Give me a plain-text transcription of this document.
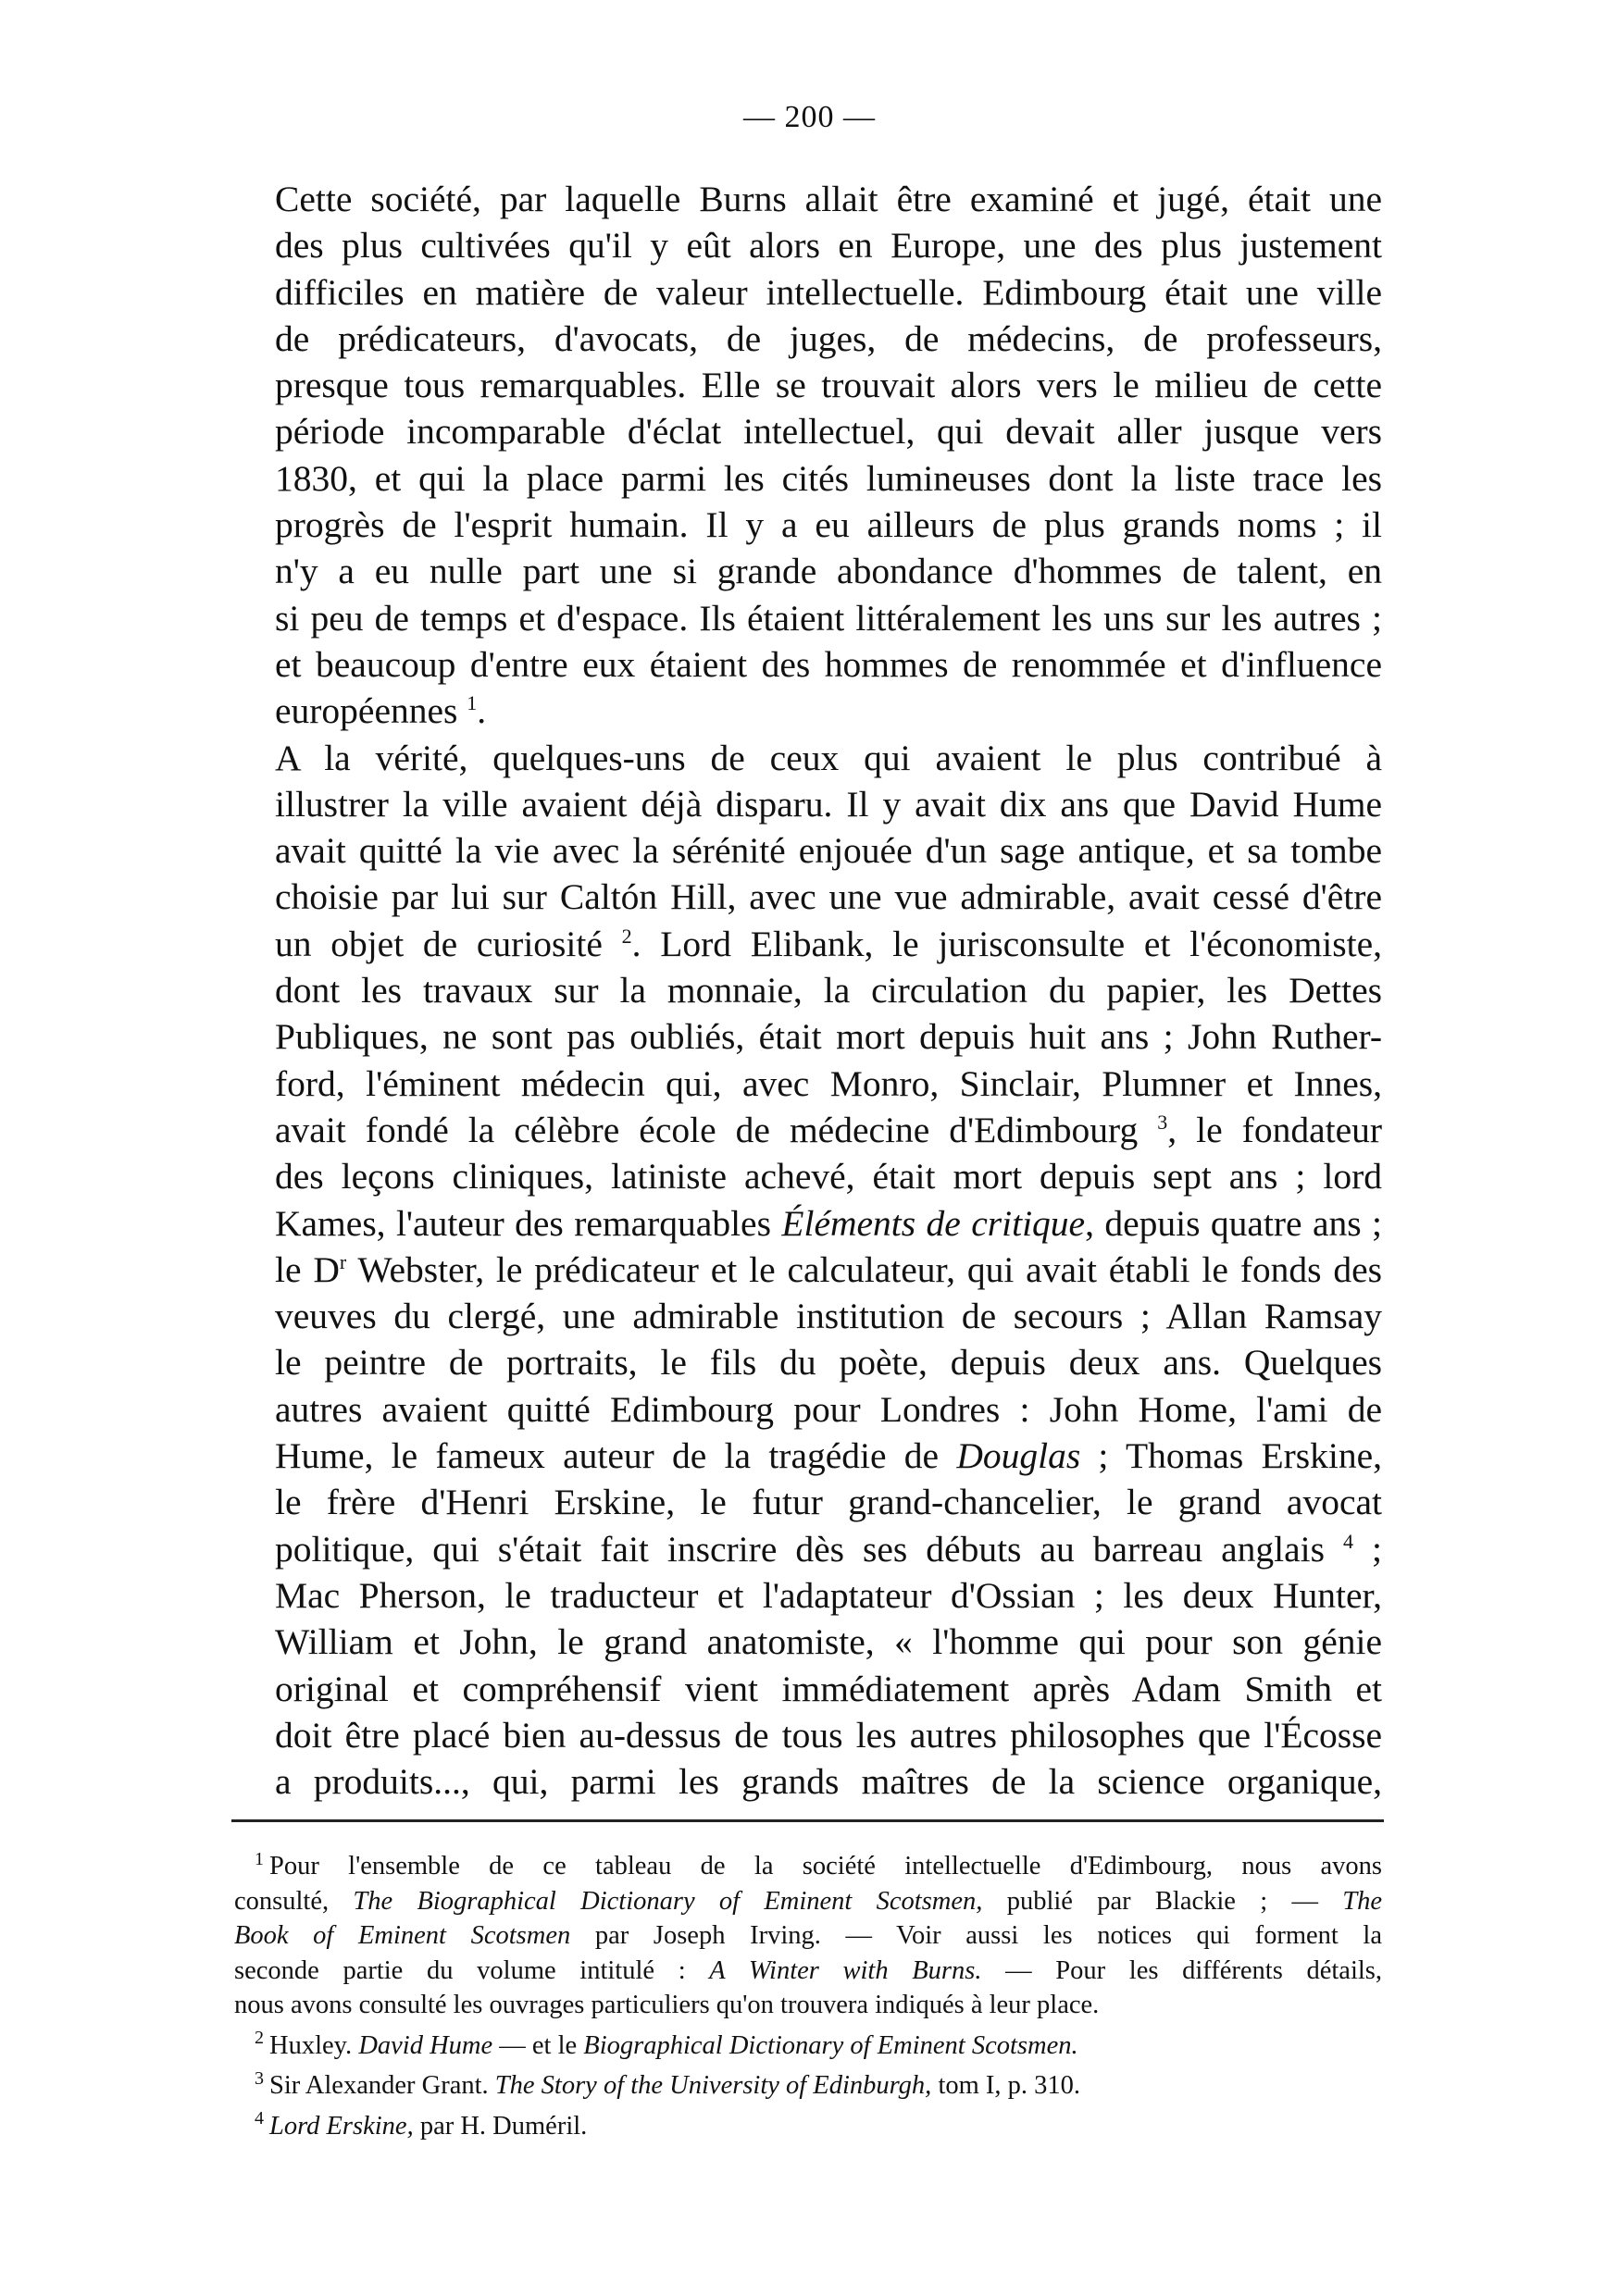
— 200 —

Cette société, par laquelle Burns allait être examiné et jugé, était une
des plus cultivées qu'il y eût alors en Europe, une des plus justement
difficiles en matière de valeur intellectuelle. Edimbourg était une ville
de prédicateurs, d'avocats, de juges, de médecins, de professeurs,
presque tous remarquables. Elle se trouvait alors vers le milieu de cette
période incomparable d'éclat intellectuel, qui devait aller jusque vers
1830, et qui la place parmi les cités lumineuses dont la liste trace les
progrès de l'esprit humain. Il y a eu ailleurs de plus grands noms ; il
n'y a eu nulle part une si grande abondance d'hommes de talent, en
si peu de temps et d'espace. Ils étaient littéralement les uns sur les autres ;
et beaucoup d'entre eux étaient des hommes de renommée et d'influence
européennes $^1$.

A la vérité, quelques-uns de ceux qui avaient le plus contribué à
illustrer la ville avaient déjà disparu. Il y avait dix ans que David Hume
avait quitté la vie avec la sérénité enjouée d'un sage antique, et sa tombe
choisie par lui sur Caltón Hill, avec une vue admirable, avait cessé d'être
un objet de curiosité $^2$. Lord Elibank, le jurisconsulte et l'économiste,
dont les travaux sur la monnaie, la circulation du papier, les Dettes
Publiques, ne sont pas oubliés, était mort depuis huit ans ; John Ruther-
ford, l'éminent médecin qui, avec Monro, Sinclair, Plumner et Innes,
avait fondé la célèbre école de médecine d'Edimbourg $^3$, le fondateur
des leçons cliniques, latiniste achevé, était mort depuis sept ans ; lord
Kames, l'auteur des remarquables Éléments de critique, depuis quatre ans ;
le $D^r$ Webster, le prédicateur et le calculateur, qui avait établi le fonds des
veuves du clergé, une admirable institution de secours ; Allan Ramsay
le peintre de portraits, le fils du poète, depuis deux ans. Quelques
autres avaient quitté Edimbourg pour Londres : John Home, l'ami de
Hume, le fameux auteur de la tragédie de Douglas ; Thomas Erskine,
le frère d'Henri Erskine, le futur grand-chancelier, le grand avocat
politique, qui s'était fait inscrire dès ses débuts au barreau anglais $^4$ ;
Mac Pherson, le traducteur et l'adaptateur d'Ossian ; les deux Hunter,
William et John, le grand anatomiste, « l'homme qui pour son génie
original et compréhensif vient immédiatement après Adam Smith et
doit être placé bien au-dessus de tous les autres philosophes que l'Écosse
a produits..., qui, parmi les grands maîtres de la science organique,

1 Pour l'ensemble de ce tableau de la société intellectuelle d'Edimbourg, nous avons
consulté, The Biographical Dictionary of Eminent Scotsmen, publié par Blackie ; — The
Book of Eminent Scotsmen par Joseph Irving. — Voir aussi les notices qui forment la
seconde partie du volume intitulé : A Winter with Burns. — Pour les différents détails,
nous avons consulté les ouvrages particuliers qu'on trouvera indiqués à leur place.
2 Huxley. David Hume — et le Biographical Dictionary of Eminent Scotsmen.
3 Sir Alexander Grant. The Story of the University of Edinburgh, tom I, p. 310.
4 Lord Erskine, par H. Duméril.
